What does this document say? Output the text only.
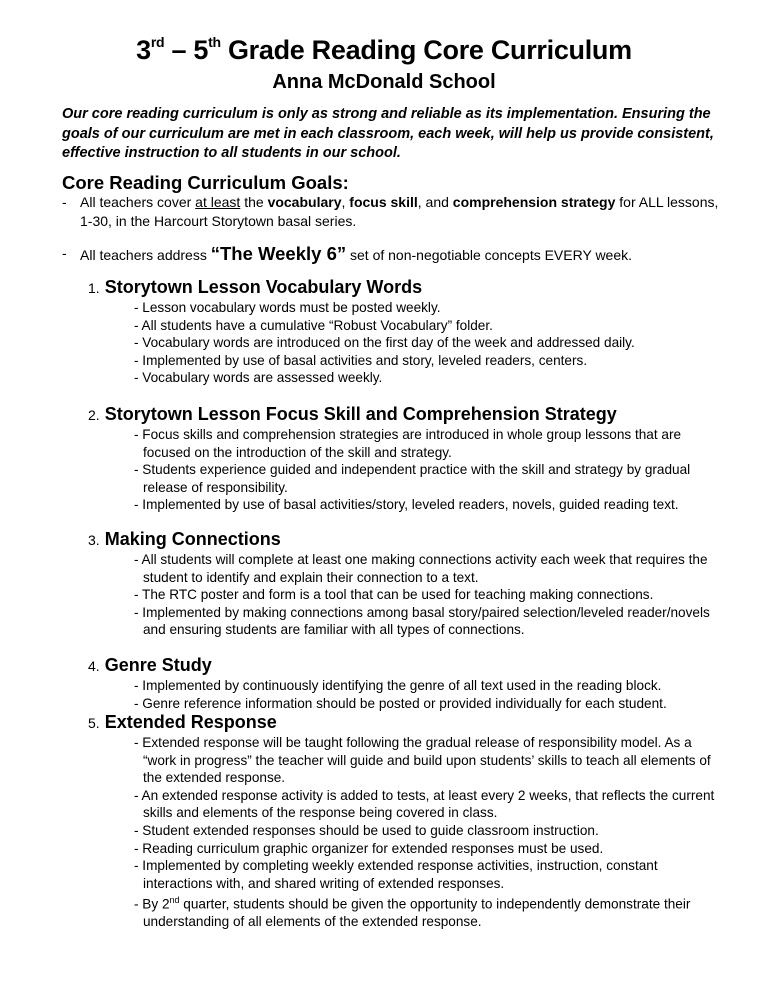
3rd – 5th Grade Reading Core Curriculum
Anna McDonald School
Our core reading curriculum is only as strong and reliable as its implementation. Ensuring the goals of our curriculum are met in each classroom, each week, will help us provide consistent, effective instruction to all students in our school.
Core Reading Curriculum Goals:
- All teachers cover at least the vocabulary, focus skill, and comprehension strategy for ALL lessons, 1-30, in the Harcourt Storytown basal series.
- All teachers address “The Weekly 6” set of non-negotiable concepts EVERY week.
1. Storytown Lesson Vocabulary Words
- Lesson vocabulary words must be posted weekly.
- All students have a cumulative “Robust Vocabulary” folder.
- Vocabulary words are introduced on the first day of the week and addressed daily.
- Implemented by use of basal activities and story, leveled readers, centers.
- Vocabulary words are assessed weekly.
2. Storytown Lesson Focus Skill and Comprehension Strategy
- Focus skills and comprehension strategies are introduced in whole group lessons that are focused on the introduction of the skill and strategy.
- Students experience guided and independent practice with the skill and strategy by gradual release of responsibility.
- Implemented by use of basal activities/story, leveled readers, novels, guided reading text.
3. Making Connections
- All students will complete at least one making connections activity each week that requires the student to identify and explain their connection to a text.
- The RTC poster and form is a tool that can be used for teaching making connections.
- Implemented by making connections among basal story/paired selection/leveled reader/novels and ensuring students are familiar with all types of connections.
4. Genre Study
- Implemented by continuously identifying the genre of all text used in the reading block.
- Genre reference information should be posted or provided individually for each student.
5. Extended Response
- Extended response will be taught following the gradual release of responsibility model. As a “work in progress” the teacher will guide and build upon students’ skills to teach all elements of the extended response.
- An extended response activity is added to tests, at least every 2 weeks, that reflects the current skills and elements of the response being covered in class.
- Student extended responses should be used to guide classroom instruction.
- Reading curriculum graphic organizer for extended responses must be used.
- Implemented by completing weekly extended response activities, instruction, constant interactions with, and shared writing of extended responses.
- By 2nd quarter, students should be given the opportunity to independently demonstrate their understanding of all elements of the extended response.
